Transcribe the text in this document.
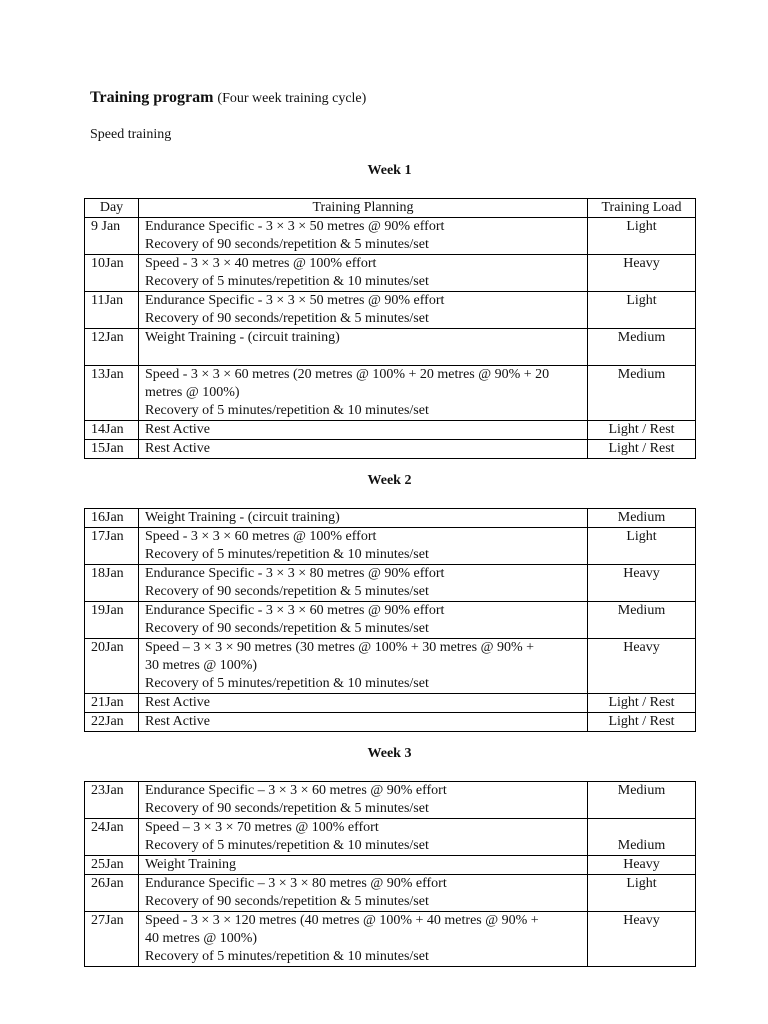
Training program (Four week training cycle)
Speed training
Week 1
Day	Training Planning	Training Load
9 Jan	Endurance Specific - 3 × 3 × 50 metres @ 90% effort
Recovery of 90 seconds/repetition & 5 minutes/set	Light
10Jan	Speed - 3 × 3 × 40 metres @ 100% effort
Recovery of 5 minutes/repetition & 10 minutes/set	Heavy
11Jan	Endurance Specific - 3 × 3 × 50 metres @ 90% effort
Recovery of 90 seconds/repetition & 5 minutes/set	Light
12Jan	Weight Training - (circuit training)	Medium
13Jan	Speed - 3 × 3 × 60 metres (20 metres @ 100% + 20 metres @ 90% + 20
metres @ 100%)
Recovery of 5 minutes/repetition & 10 minutes/set	Medium
14Jan	Rest Active	Light / Rest
15Jan	Rest Active	Light / Rest
Week 2
16Jan	Weight Training - (circuit training)	Medium
17Jan	Speed - 3 × 3 × 60 metres @ 100% effort
Recovery of 5 minutes/repetition & 10 minutes/set	Light
18Jan	Endurance Specific - 3 × 3 × 80 metres @ 90% effort
Recovery of 90 seconds/repetition & 5 minutes/set	Heavy
19Jan	Endurance Specific - 3 × 3 × 60 metres @ 90% effort
Recovery of 90 seconds/repetition & 5 minutes/set	Medium
20Jan	Speed – 3 × 3 × 90 metres (30 metres @ 100% + 30 metres @ 90% +
30 metres @ 100%)
Recovery of 5 minutes/repetition & 10 minutes/set	Heavy
21Jan	Rest Active	Light / Rest
22Jan	Rest Active	Light / Rest
Week 3
23Jan	Endurance Specific – 3 × 3 × 60 metres @ 90% effort
Recovery of 90 seconds/repetition & 5 minutes/set	Medium
24Jan	Speed – 3 × 3 × 70 metres @ 100% effort
Recovery of 5 minutes/repetition & 10 minutes/set	Medium
25Jan	Weight Training	Heavy
26Jan	Endurance Specific – 3 × 3 × 80 metres @ 90% effort
Recovery of 90 seconds/repetition & 5 minutes/set	Light
27Jan	Speed - 3 × 3 × 120 metres (40 metres @ 100% + 40 metres @ 90% +
40 metres @ 100%)
Recovery of 5 minutes/repetition & 10 minutes/set	Heavy
